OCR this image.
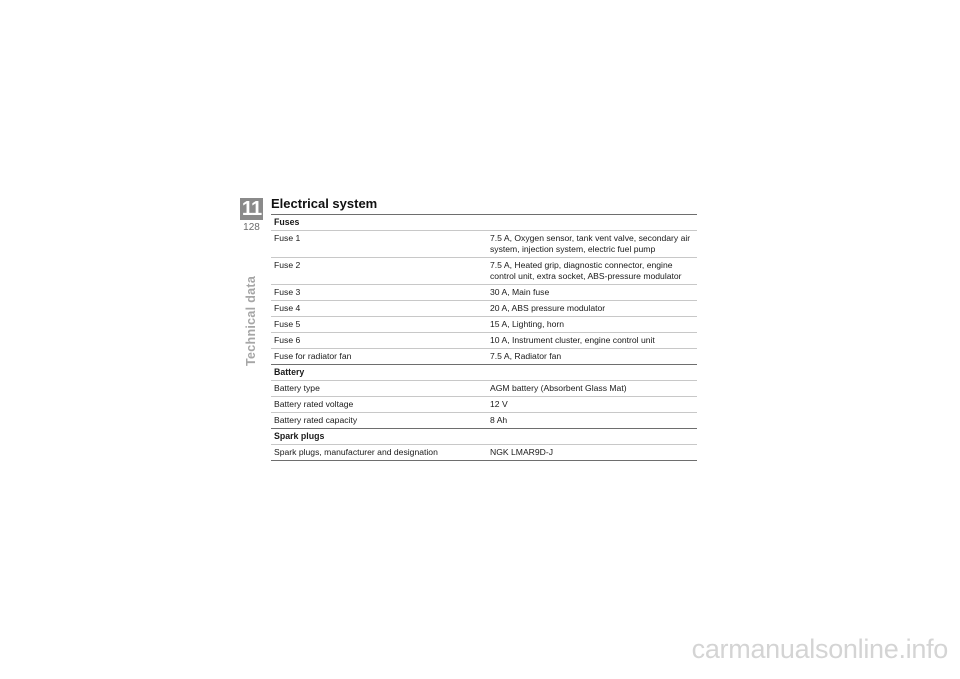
11
128
Technical data
Electrical system
Fuses	
Fuse 1	7.5 A, Oxygen sensor, tank vent valve, secondary air system, injection system, electric fuel pump
Fuse 2	7.5 A, Heated grip, diagnostic connector, engine control unit, extra socket, ABS-pressure modulator
Fuse 3	30 A, Main fuse
Fuse 4	20 A, ABS pressure modulator
Fuse 5	15 A, Lighting, horn
Fuse 6	10 A, Instrument cluster, engine control unit
Fuse for radiator fan	7.5 A, Radiator fan
Battery	
Battery type	AGM battery (Absorbent Glass Mat)
Battery rated voltage	12 V
Battery rated capacity	8 Ah
Spark plugs	
Spark plugs, manufacturer and designation	NGK LMAR9D-J
carmanualsonline.info
